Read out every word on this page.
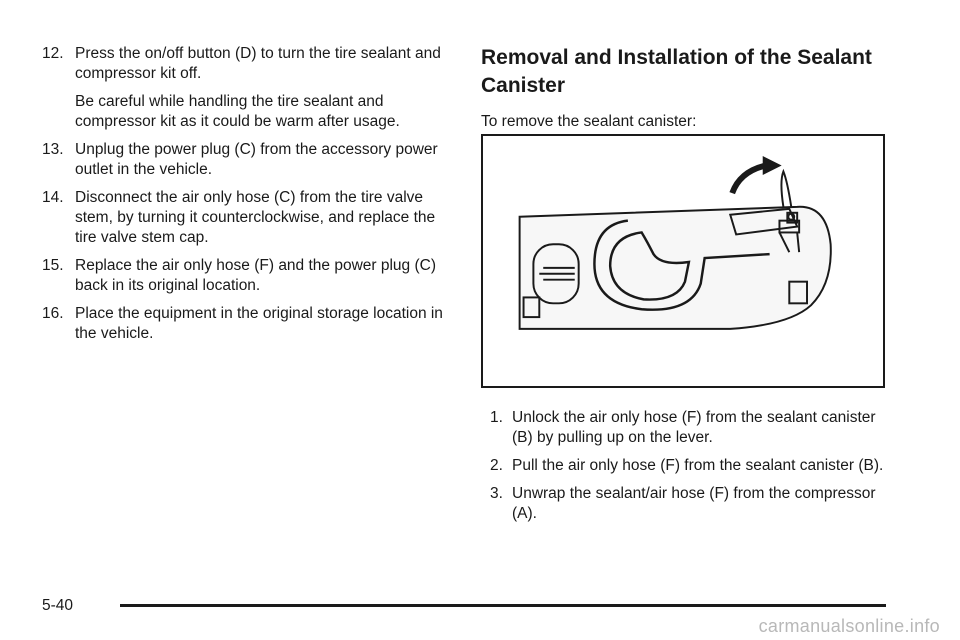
12. Press the on/off button (D) to turn the tire sealant and compressor kit off.
Be careful while handling the tire sealant and compressor kit as it could be warm after usage.
13. Unplug the power plug (C) from the accessory power outlet in the vehicle.
14. Disconnect the air only hose (C) from the tire valve stem, by turning it counterclockwise, and replace the tire valve stem cap.
15. Replace the air only hose (F) and the power plug (C) back in its original location.
16. Place the equipment in the original storage location in the vehicle.
Removal and Installation of the Sealant Canister

To remove the sealant canister:

1. Unlock the air only hose (F) from the sealant canister (B) by pulling up on the lever.
2. Pull the air only hose (F) from the sealant canister (B).
3. Unwrap the sealant/air hose (F) from the compressor (A).
5-40
carmanualsonline.info
